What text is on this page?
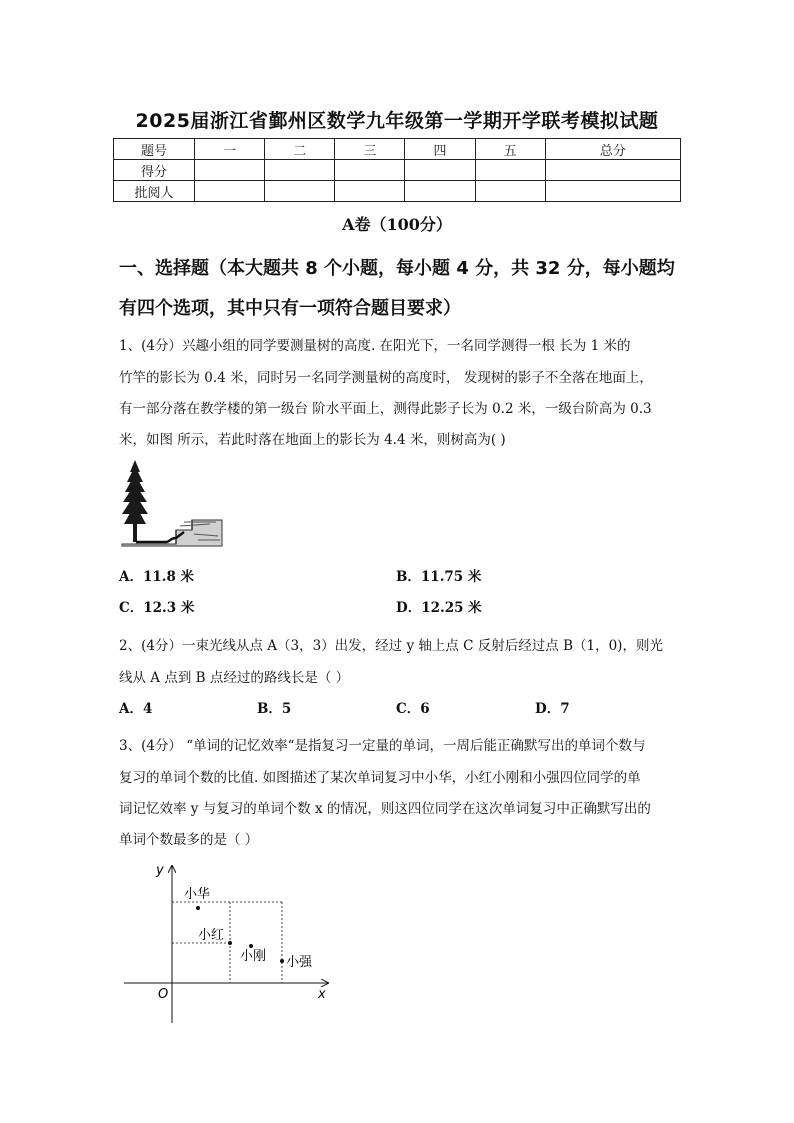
2025届浙江省鄞州区数学九年级第一学期开学联考模拟试题
题号	一	二	三	四	五	总分
得分						
批阅人						
A卷（100分）
一、选择题（本大题共 8 个小题，每小题 4 分，共 32 分，每小题均
有四个选项，其中只有一项符合题目要求）
1、(4分）兴趣小组的同学要测量树的高度. 在阳光下，一名同学测得一根 长为 1 米的
竹竿的影长为 0.4 米，同时另一名同学测量树的高度时， 发现树的影子不全落在地面上，
有一部分落在教学楼的第一级台 阶水平面上，测得此影子长为 0.2 米，一级台阶高为 0.3
米，如图 所示，若此时落在地面上的影长为 4.4 米，则树高为( )
A．11.8 米	B．11.75 米
C．12.3 米	D．12.25 米
2、(4分）一束光线从点 A（3，3）出发，经过 y 轴上点 C 反射后经过点 B（1，0)，则光
线从 A 点到 B 点经过的路线长是（ ）
A．4	B．5	C．6	D．7
3、(4分） “单词的记忆效率“是指复习一定量的单词，一周后能正确默写出的单词个数与
复习的单词个数的比值. 如图描述了某次单词复习中小华，小红小刚和小强四位同学的单
词记忆效率 y 与复习的单词个数 x 的情况，则这四位同学在这次单词复习中正确默写出的
单词个数最多的是（ ）
y
x
O
小华
小红
小刚 小强
